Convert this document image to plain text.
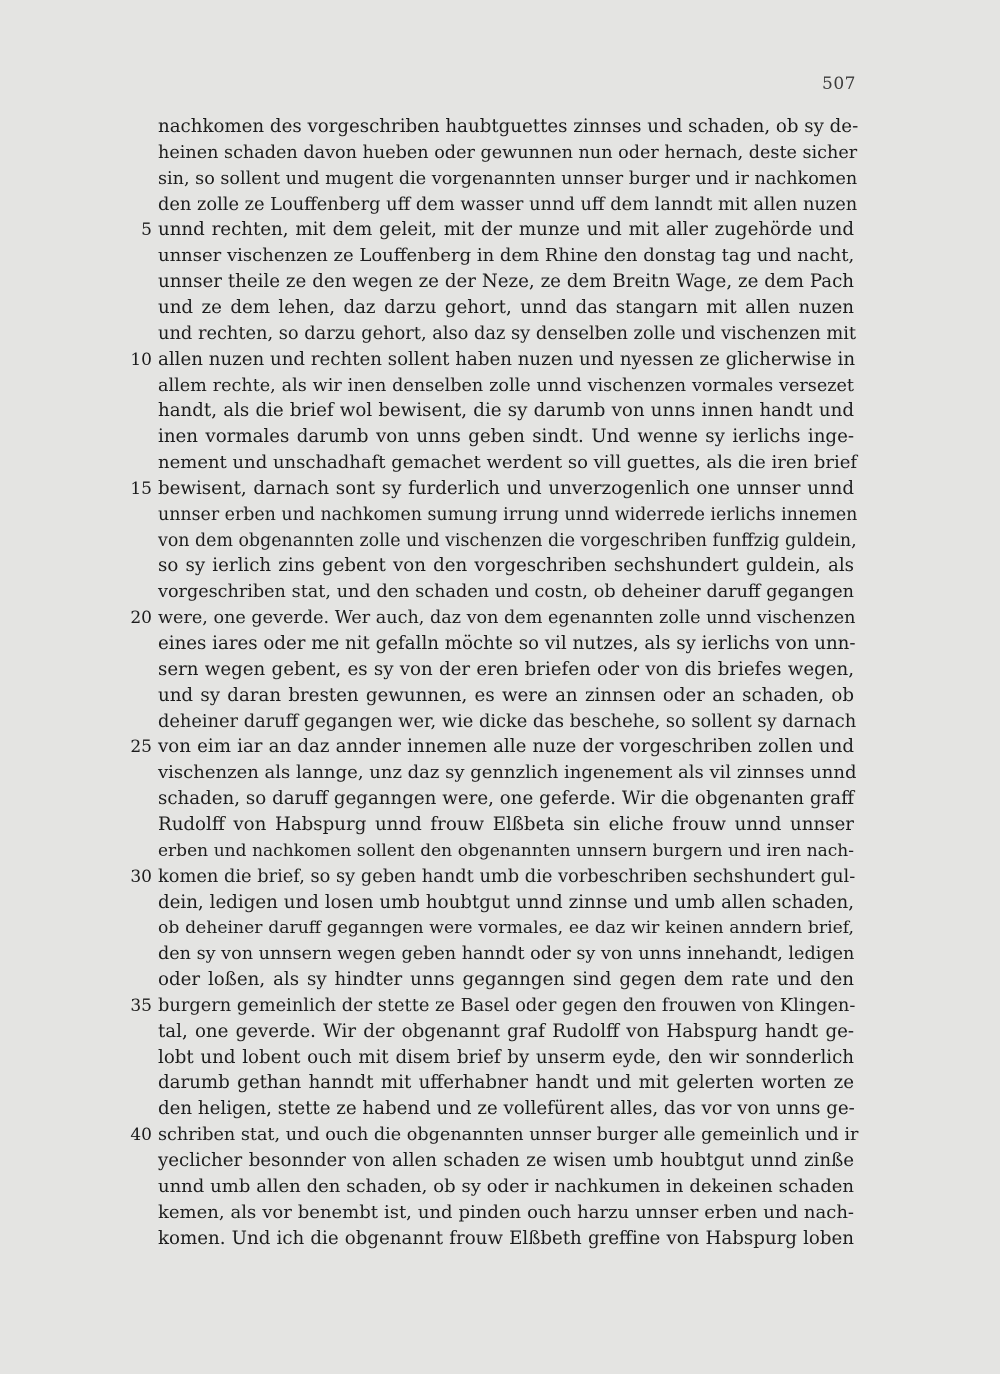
507
nachkomen des vorgeschriben haubtguettes zinnses und schaden, ob sy de-
heinen schaden davon hueben oder gewunnen nun oder hernach, deste sicher
sin, so sollent und mugent die vorgenannten unnser burger und ir nachkomen
den zolle ze Louffenberg uff dem wasser unnd uff dem lanndt mit allen nuzen
unnd rechten, mit dem geleit, mit der munze und mit aller zugehörde und
5
unnser vischenzen ze Louffenberg in dem Rhine den donstag tag und nacht,
unnser theile ze den wegen ze der Neze, ze dem Breitn Wage, ze dem Pach
und ze dem lehen, daz darzu gehort, unnd das stangarn mit allen nuzen
und rechten, so darzu gehort, also daz sy denselben zolle und vischenzen mit
allen nuzen und rechten sollent haben nuzen und nyessen ze glicherwise in
10
allem rechte, als wir inen denselben zolle unnd vischenzen vormales versezet
handt, als die brief wol bewisent, die sy darumb von unns innen handt und
inen vormales darumb von unns geben sindt. Und wenne sy ierlichs inge-
nement und unschadhaft gemachet werdent so vill guettes, als die iren brief
bewisent, darnach sont sy furderlich und unverzogenlich one unnser unnd
15
unnser erben und nachkomen sumung irrung unnd widerrede ierlichs innemen
von dem obgenannten zolle und vischenzen die vorgeschriben funffzig guldein,
so sy ierlich zins gebent von den vorgeschriben sechshundert guldein, als
vorgeschriben stat, und den schaden und costn, ob deheiner daruff gegangen
were, one geverde. Wer auch, daz von dem egenannten zolle unnd vischenzen
20
eines iares oder me nit gefalln möchte so vil nutzes, als sy ierlichs von unn-
sern wegen gebent, es sy von der eren briefen oder von dis briefes wegen,
und sy daran bresten gewunnen, es were an zinnsen oder an schaden, ob
deheiner daruff gegangen wer, wie dicke das beschehe, so sollent sy darnach
von eim iar an daz annder innemen alle nuze der vorgeschriben zollen und
25
vischenzen als lannge, unz daz sy gennzlich ingenement als vil zinnses unnd
schaden, so daruff geganngen were, one geferde. Wir die obgenanten graff
Rudolff von Habspurg unnd frouw Elßbeta sin eliche frouw unnd unnser
erben und nachkomen sollent den obgenannten unnsern burgern und iren nach-
komen die brief, so sy geben handt umb die vorbeschriben sechshundert gul-
30
dein, ledigen und losen umb houbtgut unnd zinnse und umb allen schaden,
ob deheiner daruff geganngen were vormales, ee daz wir keinen anndern brief,
den sy von unnsern wegen geben hanndt oder sy von unns innehandt, ledigen
oder loßen, als sy hindter unns geganngen sind gegen dem rate und den
burgern gemeinlich der stette ze Basel oder gegen den frouwen von Klingen-
35
tal, one geverde. Wir der obgenannt graf Rudolff von Habspurg handt ge-
lobt und lobent ouch mit disem brief by unserm eyde, den wir sonnderlich
darumb gethan hanndt mit ufferhabner handt und mit gelerten worten ze
den heligen, stette ze habend und ze vollefürent alles, das vor von unns ge-
schriben stat, und ouch die obgenannten unnser burger alle gemeinlich und ir
40
yeclicher besonnder von allen schaden ze wisen umb houbtgut unnd zinße
unnd umb allen den schaden, ob sy oder ir nachkumen in dekeinen schaden
kemen, als vor benembt ist, und pinden ouch harzu unnser erben und nach-
komen. Und ich die obgenannt frouw Elßbeth greffine von Habspurg loben
